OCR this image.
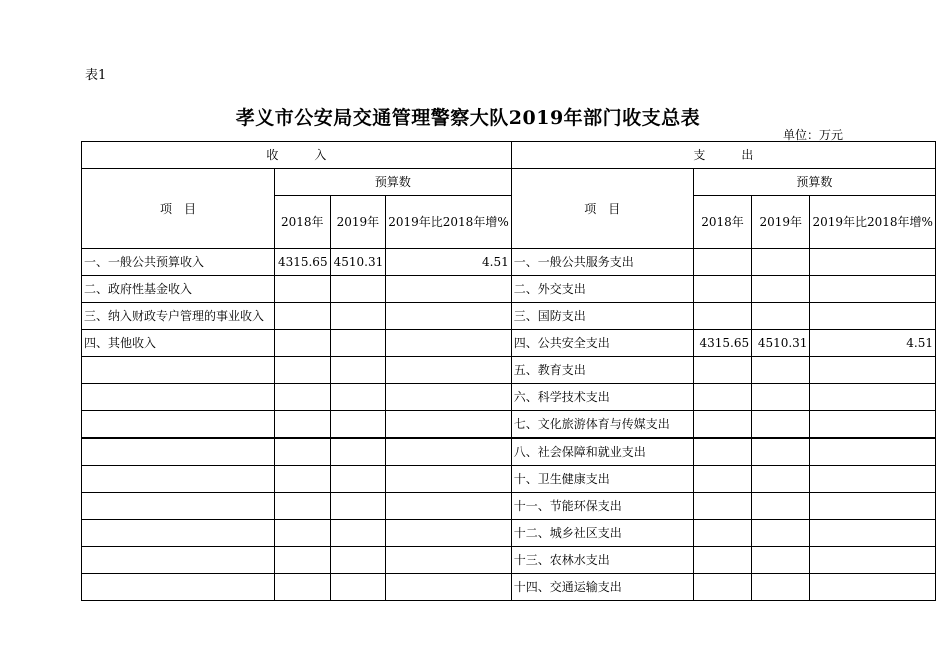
表1
孝义市公安局交通管理警察大队2019年部门收支总表
单位：万元
收　　　入				支　　　出			
项　目	预算数			项　目	预算数		
	2018年	2019年	2019年比2018年增%		2018年	2019年	2019年比2018年增%
一、一般公共预算收入	4315.65	4510.31	4.51	一、一般公共服务支出			
二、政府性基金收入				二、外交支出			
三、纳入财政专户管理的事业收入				三、国防支出			
四、其他收入				四、公共安全支出	4315.65	4510.31	4.51
				五、教育支出			
				六、科学技术支出			
				七、文化旅游体育与传媒支出			
				八、社会保障和就业支出			
				十、卫生健康支出			
				十一、节能环保支出			
				十二、城乡社区支出			
				十三、农林水支出			
				十四、交通运输支出			
